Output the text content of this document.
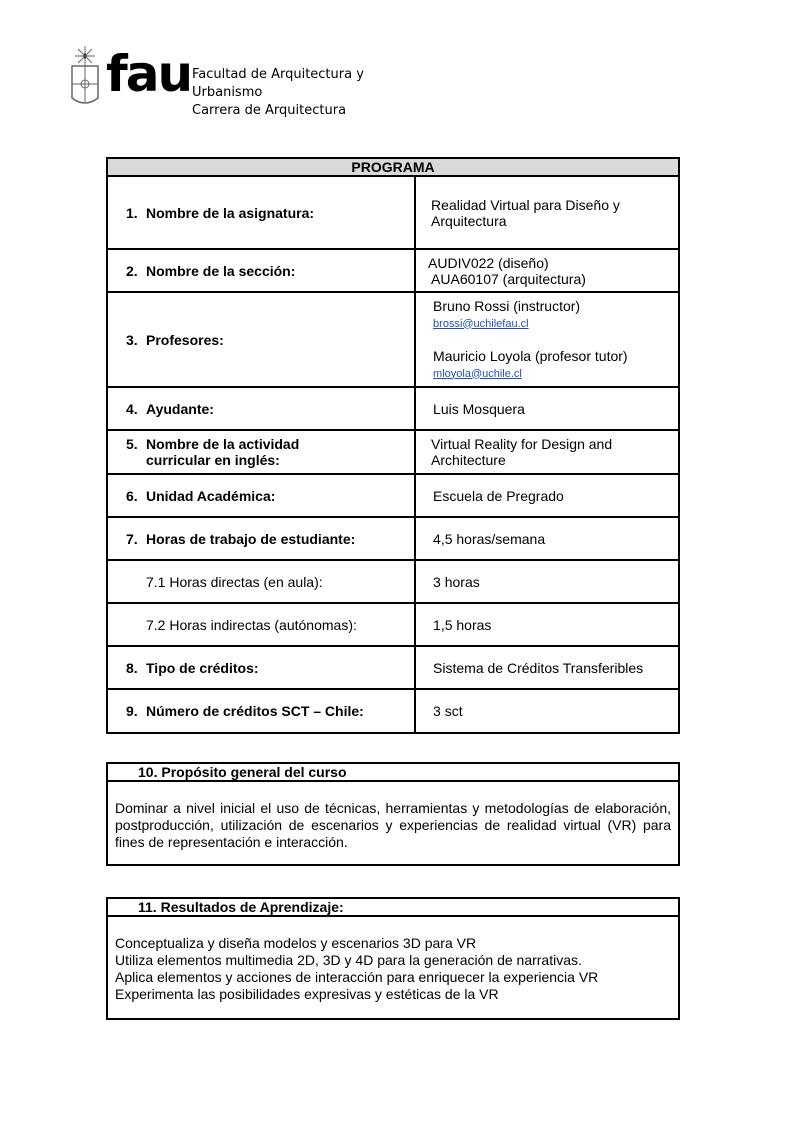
fau Facultad de Arquitectura y Urbanismo
Carrera de Arquitectura
PROGRAMA	
1. Nombre de la asignatura:	Realidad Virtual para Diseño y Arquitectura
2. Nombre de la sección:	AUDIV022 (diseño)
AUA60107 (arquitectura)

3. Profesores:	Bruno Rossi (instructor)
brossi@uchilefau.cl
Mauricio Loyola (profesor tutor)
mloyola@uchile.cl
4. Ayudante:	Luis Mosquera
5. Nombre de la actividad curricular en inglés:	Virtual Reality for Design and Architecture
6. Unidad Académica:	Escuela de Pregrado
7. Horas de trabajo de estudiante:	4,5 horas/semana
7.1 Horas directas (en aula):	3 horas
7.2 Horas indirectas (autónomas):	1,5 horas
8. Tipo de créditos:	Sistema de Créditos Transferibles
9. Número de créditos SCT – Chile:	3 sct
10. Propósito general del curso
Dominar a nivel inicial el uso de técnicas, herramientas y metodologías de elaboración, postproducción, utilización de escenarios y experiencias de realidad virtual (VR) para fines de representación e interacción.
11. Resultados de Aprendizaje:
Conceptualiza y diseña modelos y escenarios 3D para VR
Utiliza elementos multimedia 2D, 3D y 4D para la generación de narrativas.
Aplica elementos y acciones de interacción para enriquecer la experiencia VR
Experimenta las posibilidades expresivas y estéticas de la VR
